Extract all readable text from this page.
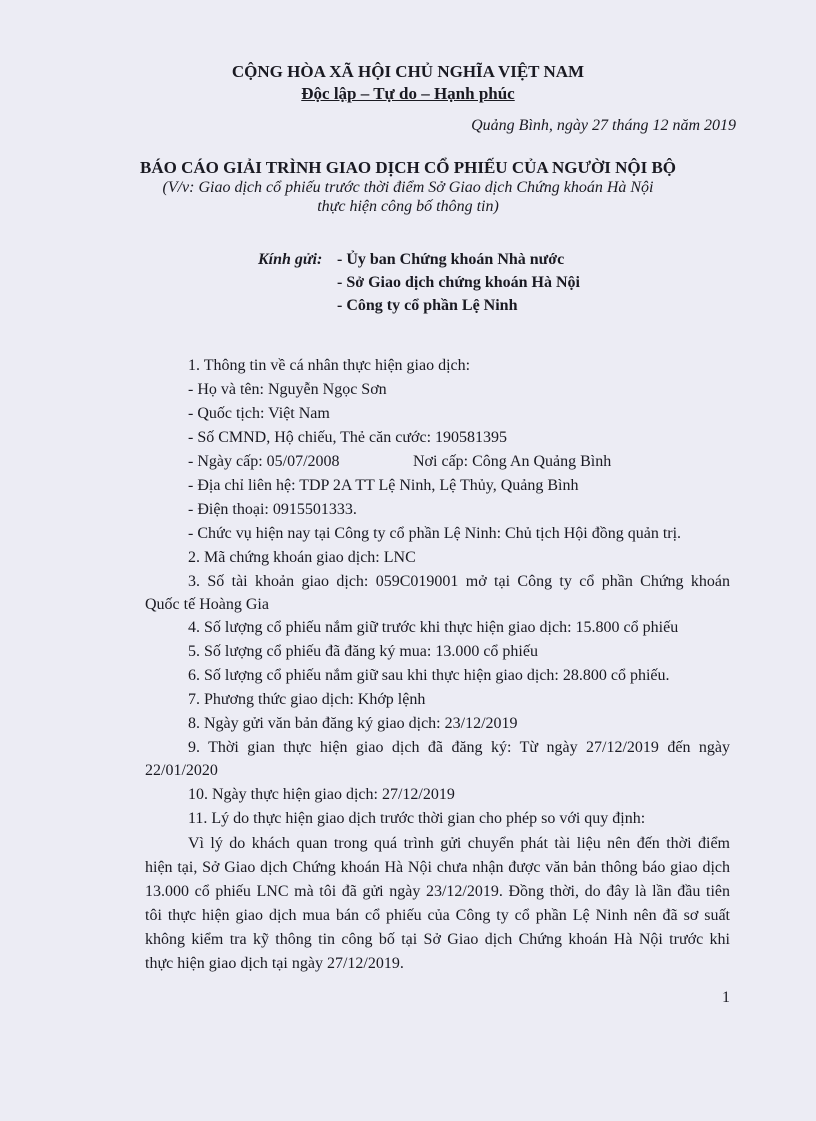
CỘNG HÒA XÃ HỘI CHỦ NGHĨA VIỆT NAM
Độc lập – Tự do – Hạnh phúc
Quảng Bình, ngày 27 tháng 12 năm 2019
BÁO CÁO GIẢI TRÌNH GIAO DỊCH CỔ PHIẾU CỦA NGƯỜI NỘI BỘ
(V/v: Giao dịch cổ phiếu trước thời điểm Sở Giao dịch Chứng khoán Hà Nội
thực hiện công bố thông tin)
Kính gửi: - Ủy ban Chứng khoán Nhà nước
- Sở Giao dịch chứng khoán Hà Nội
- Công ty cổ phần Lệ Ninh
1. Thông tin về cá nhân thực hiện giao dịch:
- Họ và tên: Nguyễn Ngọc Sơn
- Quốc tịch: Việt Nam
- Số CMND, Hộ chiếu, Thẻ căn cước: 190581395
- Ngày cấp: 05/07/2008	Nơi cấp: Công An Quảng Bình
- Địa chỉ liên hệ: TDP 2A TT Lệ Ninh, Lệ Thủy, Quảng Bình
- Điện thoại: 0915501333.
- Chức vụ hiện nay tại Công ty cổ phần Lệ Ninh: Chủ tịch Hội đồng quản trị.
2. Mã chứng khoán giao dịch: LNC
3. Số tài khoản giao dịch: 059C019001 mở tại Công ty cổ phần Chứng khoán
Quốc tế Hoàng Gia
4. Số lượng cổ phiếu nắm giữ trước khi thực hiện giao dịch: 15.800 cổ phiếu
5. Số lượng cổ phiếu đã đăng ký mua: 13.000 cổ phiếu
6. Số lượng cổ phiếu nắm giữ sau khi thực hiện giao dịch: 28.800 cổ phiếu.
7. Phương thức giao dịch: Khớp lệnh
8. Ngày gửi văn bản đăng ký giao dịch: 23/12/2019
9. Thời gian thực hiện giao dịch đã đăng ký: Từ ngày 27/12/2019 đến ngày
22/01/2020
10. Ngày thực hiện giao dịch: 27/12/2019
11. Lý do thực hiện giao dịch trước thời gian cho phép so với quy định:
Vì lý do khách quan trong quá trình gửi chuyển phát tài liệu nên đến thời điểm
hiện tại, Sở Giao dịch Chứng khoán Hà Nội chưa nhận được văn bản thông báo giao dịch
13.000 cổ phiếu LNC mà tôi đã gửi ngày 23/12/2019. Đồng thời, do đây là lần đầu tiên
tôi thực hiện giao dịch mua bán cổ phiếu của Công ty cổ phần Lệ Ninh nên đã sơ suất
không kiểm tra kỹ thông tin công bố tại Sở Giao dịch Chứng khoán Hà Nội trước khi
thực hiện giao dịch tại ngày 27/12/2019.
1
